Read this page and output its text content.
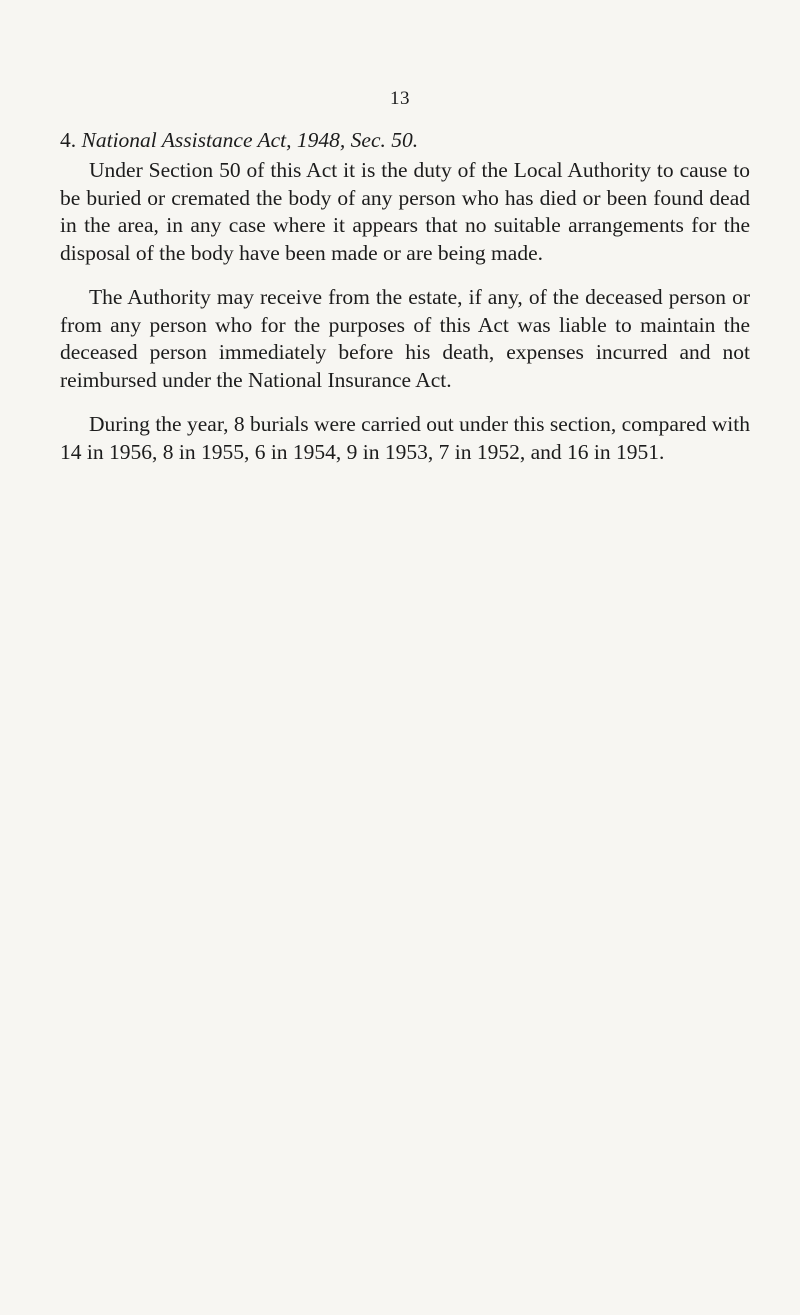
13
4. National Assistance Act, 1948, Sec. 50.

Under Section 50 of this Act it is the duty of the Local Authority to cause to be buried or cremated the body of any person who has died or been found dead in the area, in any case where it appears that no suitable arrangements for the disposal of the body have been made or are being made.

The Authority may receive from the estate, if any, of the deceased person or from any person who for the purposes of this Act was liable to maintain the deceased person immediately before his death, expenses incurred and not reimbursed under the National Insurance Act.

During the year, 8 burials were carried out under this section, compared with 14 in 1956, 8 in 1955, 6 in 1954, 9 in 1953, 7 in 1952, and 16 in 1951.
